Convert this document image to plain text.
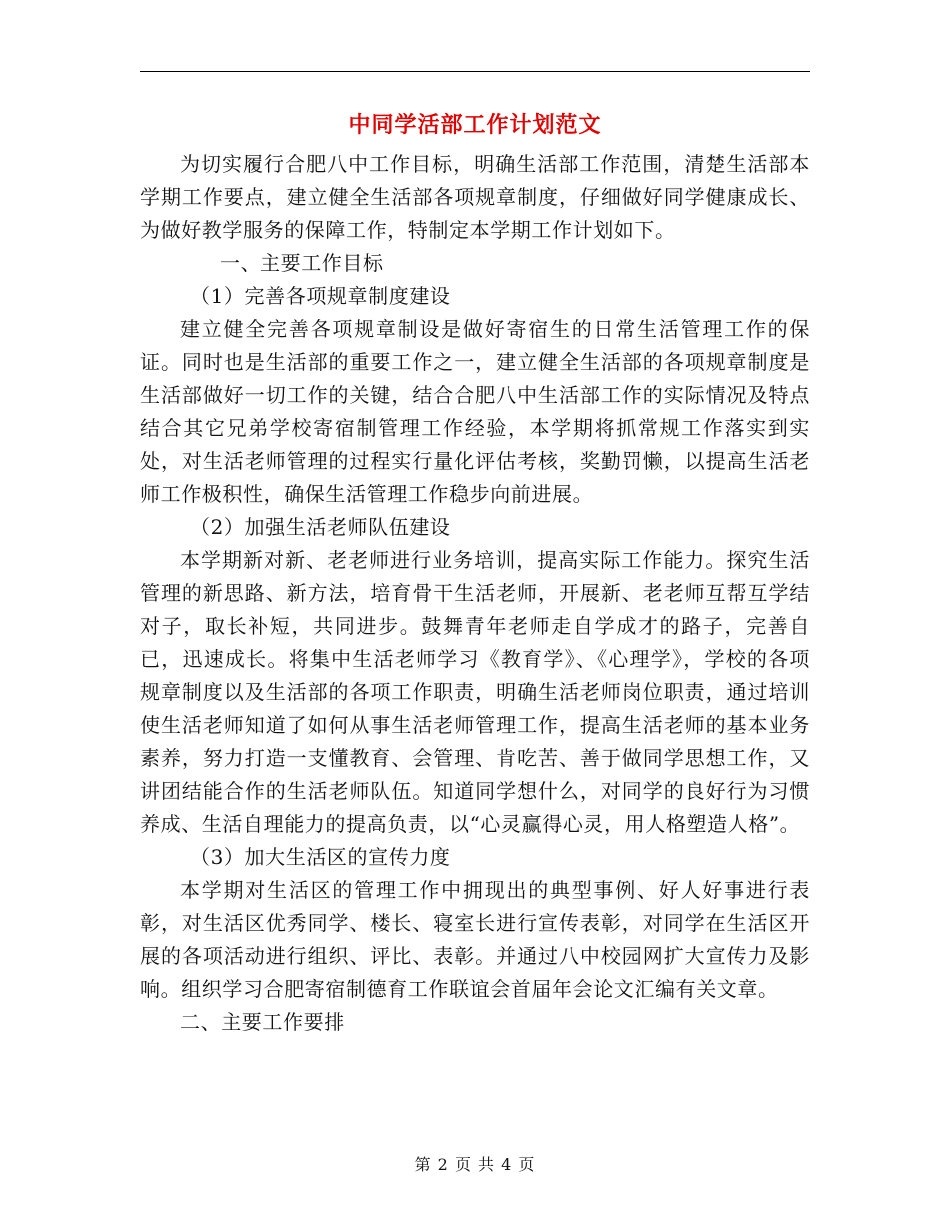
中同学活部工作计划范文

为切实履行合肥八中工作目标，明确生活部工作范围，清楚生活部本学期工作要点，建立健全生活部各项规章制度，仔细做好同学健康成长、为做好教学服务的保障工作，特制定本学期工作计划如下。

一、主要工作目标

（1）完善各项规章制度建设

建立健全完善各项规章制设是做好寄宿生的日常生活管理工作的保证。同时也是生活部的重要工作之一，建立健全生活部的各项规章制度是生活部做好一切工作的关键，结合合肥八中生活部工作的实际情况及特点结合其它兄弟学校寄宿制管理工作经验，本学期将抓常规工作落实到实处，对生活老师管理的过程实行量化评估考核，奖勤罚懒，以提高生活老师工作极积性，确保生活管理工作稳步向前进展。

（2）加强生活老师队伍建设

本学期新对新、老老师进行业务培训，提高实际工作能力。探究生活管理的新思路、新方法，培育骨干生活老师，开展新、老老师互帮互学结对子，取长补短，共同进步。鼓舞青年老师走自学成才的路子，完善自已，迅速成长。将集中生活老师学习《教育学》、《心理学》，学校的各项规章制度以及生活部的各项工作职责，明确生活老师岗位职责，通过培训使生活老师知道了如何从事生活老师管理工作，提高生活老师的基本业务素养，努力打造一支懂教育、会管理、肯吃苦、善于做同学思想工作，又讲团结能合作的生活老师队伍。知道同学想什么，对同学的良好行为习惯养成、生活自理能力的提高负责，以“心灵赢得心灵，用人格塑造人格”。

（3）加大生活区的宣传力度

本学期对生活区的管理工作中拥现出的典型事例、好人好事进行表彰，对生活区优秀同学、楼长、寝室长进行宣传表彰，对同学在生活区开展的各项活动进行组织、评比、表彰。并通过八中校园网扩大宣传力及影响。组织学习合肥寄宿制德育工作联谊会首届年会论文汇编有关文章。

二、主要工作要排

第 2 页 共 4 页
